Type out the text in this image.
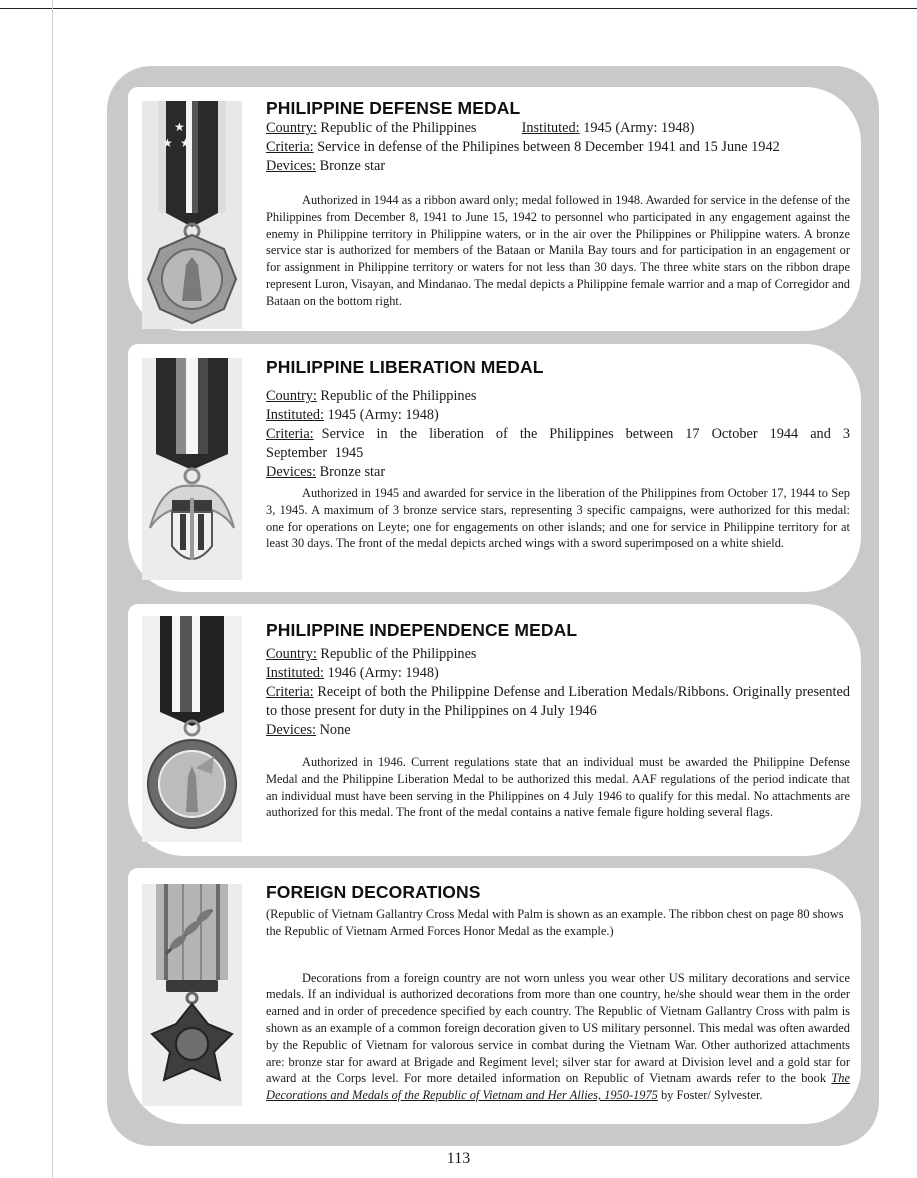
★
★ ★
PHILIPPINE DEFENSE MEDAL
Country: Republic of the Philippines	Instituted: 1945 (Army: 1948)
Criteria: Service in defense of the Philipines between 8 December 1941 and 15 June 1942
Devices: Bronze star

Authorized in 1944 as a ribbon award only; medal followed in 1948. Awarded for service in the defense of the Philippines from December 8, 1941 to June 15, 1942 to personnel who participated in any engagement against the enemy in Philippine territory in Philippine waters, or in the air over the Philippines or Philippine waters. A bronze service star is authorized for members of the Bataan or Manila Bay tours and for participation in an engagement or for assignment in Philippine territory or waters for not less than 30 days. The three white stars on the ribbon drape represent Luron, Visayan, and Mindanao. The medal depicts a Philippine female warrior and a map of Corregidor and Bataan on the bottom right.

PHILIPPINE LIBERATION MEDAL
Country: Republic of the Philippines
Instituted: 1945 (Army: 1948)
Criteria: Service in the liberation of the Philippines between 17 October 1944 and 3 September 1945
Devices: Bronze star

Authorized in 1945 and awarded for service in the liberation of the Philippines from October 17, 1944 to Sep 3, 1945. A maximum of 3 bronze service stars, representing 3 specific campaigns, were authorized for this medal: one for operations on Leyte; one for engagements on other islands; and one for service in Philippine territory for at least 30 days. The front of the medal depicts arched wings with a sword superimposed on a white shield.

PHILIPPINE INDEPENDENCE MEDAL
Country: Republic of the Philippines
Instituted: 1946 (Army: 1948)
Criteria: Receipt of both the Philippine Defense and Liberation Medals/Ribbons. Originally presented to those present for duty in the Philippines on 4 July 1946
Devices: None

Authorized in 1946. Current regulations state that an individual must be awarded the Philippine Defense Medal and the Philippine Liberation Medal to be authorized this medal. AAF regulations of the period indicate that an individual must have been serving in the Philippines on 4 July 1946 to qualify for this medal. No attachments are authorized for this medal. The front of the medal contains a native female figure holding several flags.

FOREIGN DECORATIONS

(Republic of Vietnam Gallantry Cross Medal with Palm is shown as an example. The ribbon chest on page 80 shows the Republic of Vietnam Armed Forces Honor Medal as the example.)

Decorations from a foreign country are not worn unless you wear other US military decorations and service medals. If an individual is authorized decorations from more than one country, he/she should wear them in the order earned and in order of precedence specified by each country. The Republic of Vietnam Gallantry Cross with palm is shown as an example of a common foreign decoration given to US military personnel. This medal was often awarded by the Republic of Vietnam for valorous service in combat during the Vietnam War. Other authorized attachments are: bronze star for award at Brigade and Regiment level; silver star for award at Division level and a gold star for award at the Corps level. For more detailed information on Republic of Vietnam awards refer to the book The Decorations and Medals of the Republic of Vietnam and Her Allies, 1950-1975 by Foster/ Sylvester.

113
